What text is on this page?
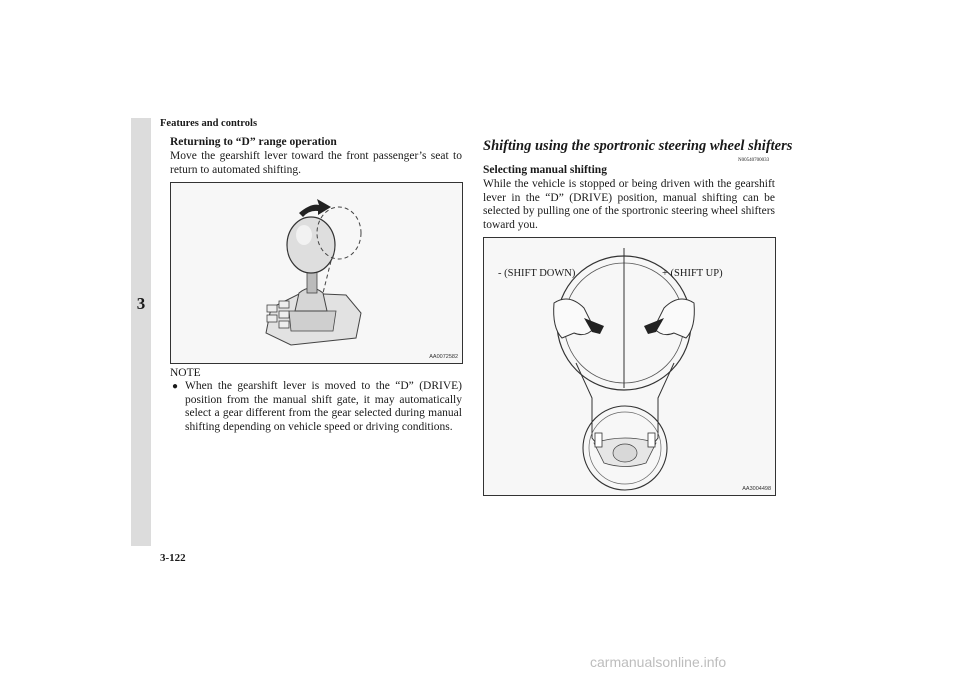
3
Features and controls
Returning to “D” range operation
Move the gearshift lever toward the front passenger’s seat to return to automated shifting.
AA0072582
NOTE
● When the gearshift lever is moved to the “D” (DRIVE) position from the manual shift gate, it may automatically select a gear different from the gear selected during manual shifting depending on vehicle speed or driving conditions.
Shifting using the sportronic steering wheel shifters
N00540700033
Selecting manual shifting
While the vehicle is stopped or being driven with the gearshift lever in the “D” (DRIVE) position, manual shifting can be selected by pulling one of the sportronic steering wheel shifters toward you.
- (SHIFT DOWN)	+ (SHIFT UP)
AA3004498
3-122
carmanualsonline.info
